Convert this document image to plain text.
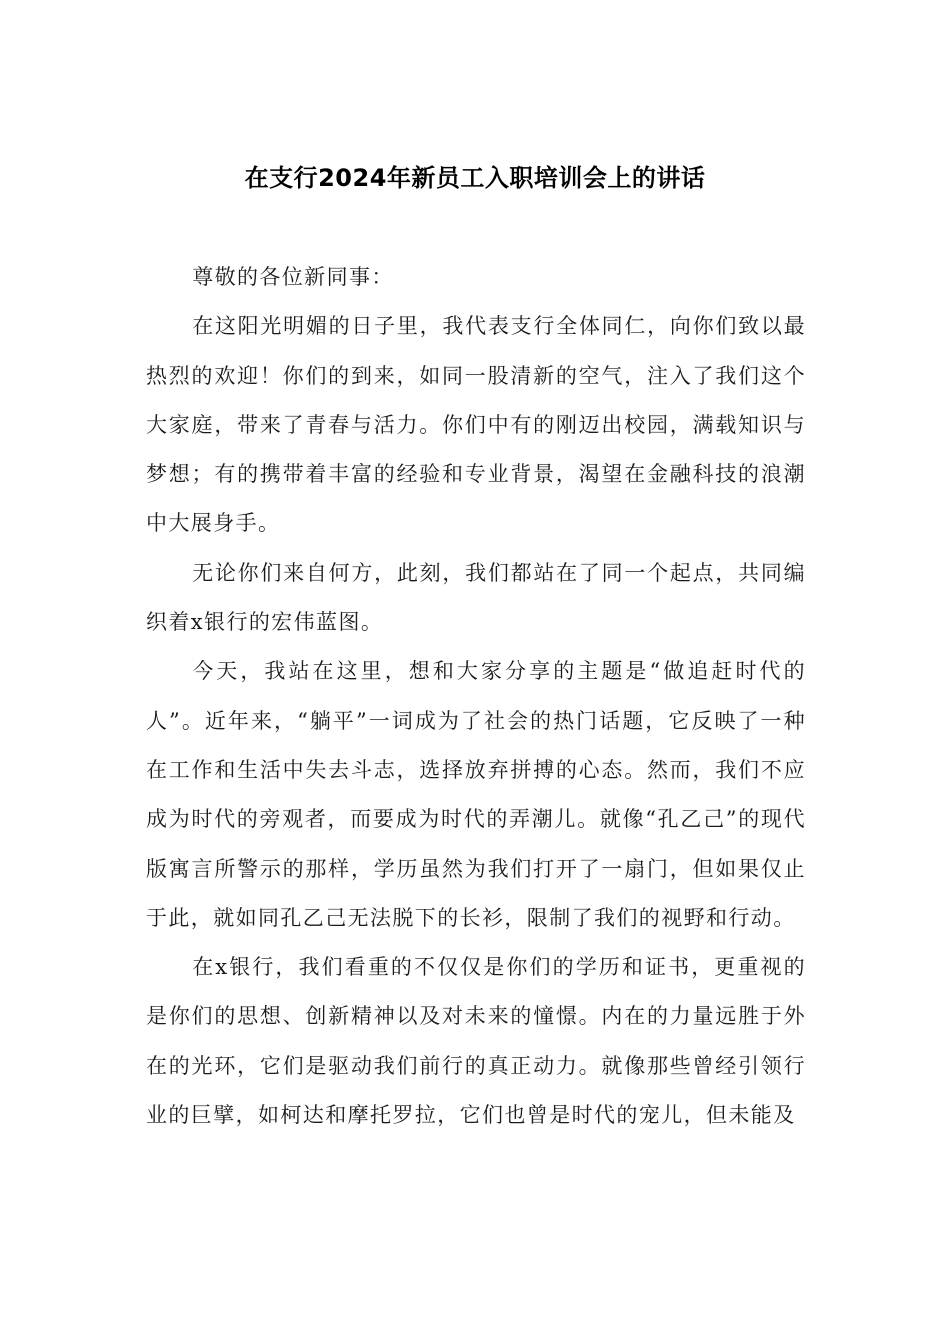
在支行2024年新员工入职培训会上的讲话

尊敬的各位新同事：

在这阳光明媚的日子里，我代表支行全体同仁，向你们致以最热烈的欢迎！你们的到来，如同一股清新的空气，注入了我们这个大家庭，带来了青春与活力。你们中有的刚迈出校园，满载知识与梦想；有的携带着丰富的经验和专业背景，渴望在金融科技的浪潮中大展身手。

无论你们来自何方，此刻，我们都站在了同一个起点，共同编织着x银行的宏伟蓝图。

今天，我站在这里，想和大家分享的主题是“做追赶时代的人”。近年来，“躺平”一词成为了社会的热门话题，它反映了一种在工作和生活中失去斗志，选择放弃拼搏的心态。然而，我们不应成为时代的旁观者，而要成为时代的弄潮儿。就像“孔乙己”的现代版寓言所警示的那样，学历虽然为我们打开了一扇门，但如果仅止于此，就如同孔乙己无法脱下的长衫，限制了我们的视野和行动。

在x银行，我们看重的不仅仅是你们的学历和证书，更重视的是你们的思想、创新精神以及对未来的憧憬。内在的力量远胜于外在的光环，它们是驱动我们前行的真正动力。就像那些曾经引领行业的巨擘，如柯达和摩托罗拉，它们也曾是时代的宠儿，但未能及
